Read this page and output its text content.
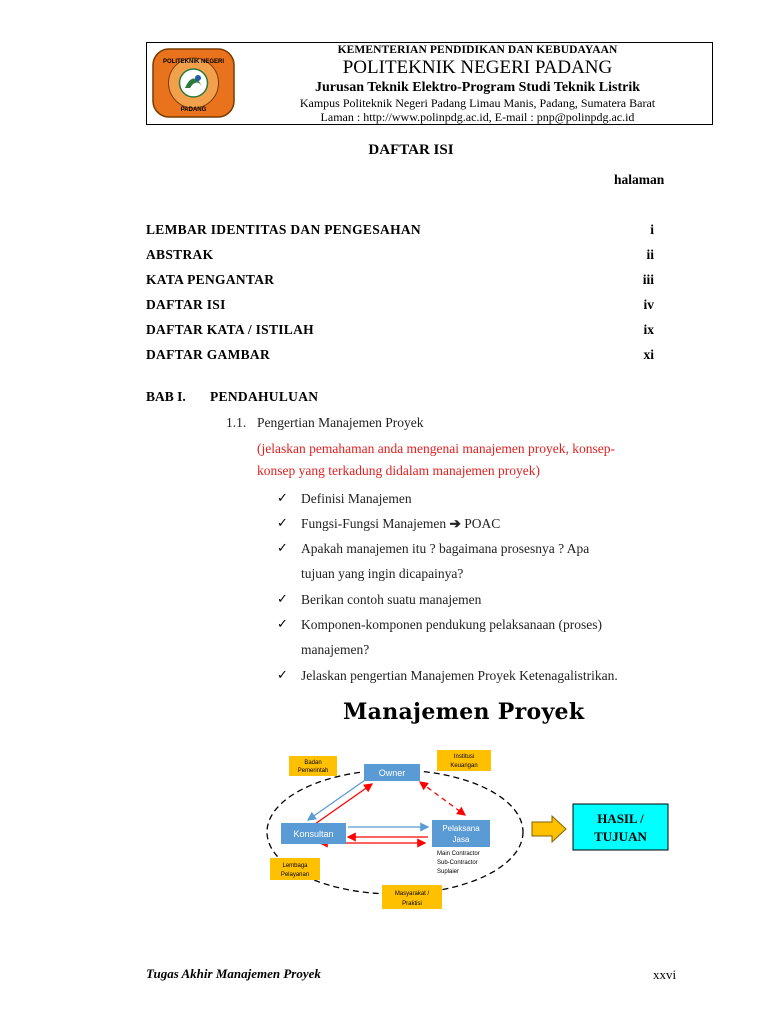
POLITEKNIK NEGERI
PADANG
KEMENTERIAN PENDIDIKAN DAN KEBUDAYAAN
POLITEKNIK NEGERI PADANG
Jurusan Teknik Elektro-Program Studi Teknik Listrik
Kampus Politeknik Negeri Padang Limau Manis, Padang, Sumatera Barat
Laman : http://www.polinpdg.ac.id, E-mail : pnp@polinpdg.ac.id
DAFTAR ISI
halaman
LEMBAR IDENTITAS DAN PENGESAHAN	i
ABSTRAK	ii
KATA PENGANTAR	iii
DAFTAR ISI	iv
DAFTAR KATA / ISTILAH	ix
DAFTAR GAMBAR	xi
BAB I. PENDAHULUAN
1.1. Pengertian Manajemen Proyek
(jelaskan pemahaman anda mengenai manajemen proyek, konsep-
konsep yang terkadung didalam manajemen proyek)
✓ Definisi Manajemen
✓ Fungsi-Fungsi Manajemen ➔ POAC
✓ Apakah manajemen itu ? bagaimana prosesnya ? Apa
tujuan yang ingin dicapainya?
✓ Berikan contoh suatu manajemen
✓ Komponen-komponen pendukung pelaksanaan (proses)
manajemen?
✓ Jelaskan pengertian Manajemen Proyek Ketenagalistrikan.
Manajemen Proyek
Owner
Konsultan
Pelaksana
Jasa
Main Contractor
Sub-Contractor
Suplaier
Badan
Pemerintah
Institusi
Keuangan
Lembaga
Pelayanan
Masyarakat /
Praktisi
HASIL /
TUJUAN
Tugas Akhir Manajemen Proyek	xxvi
